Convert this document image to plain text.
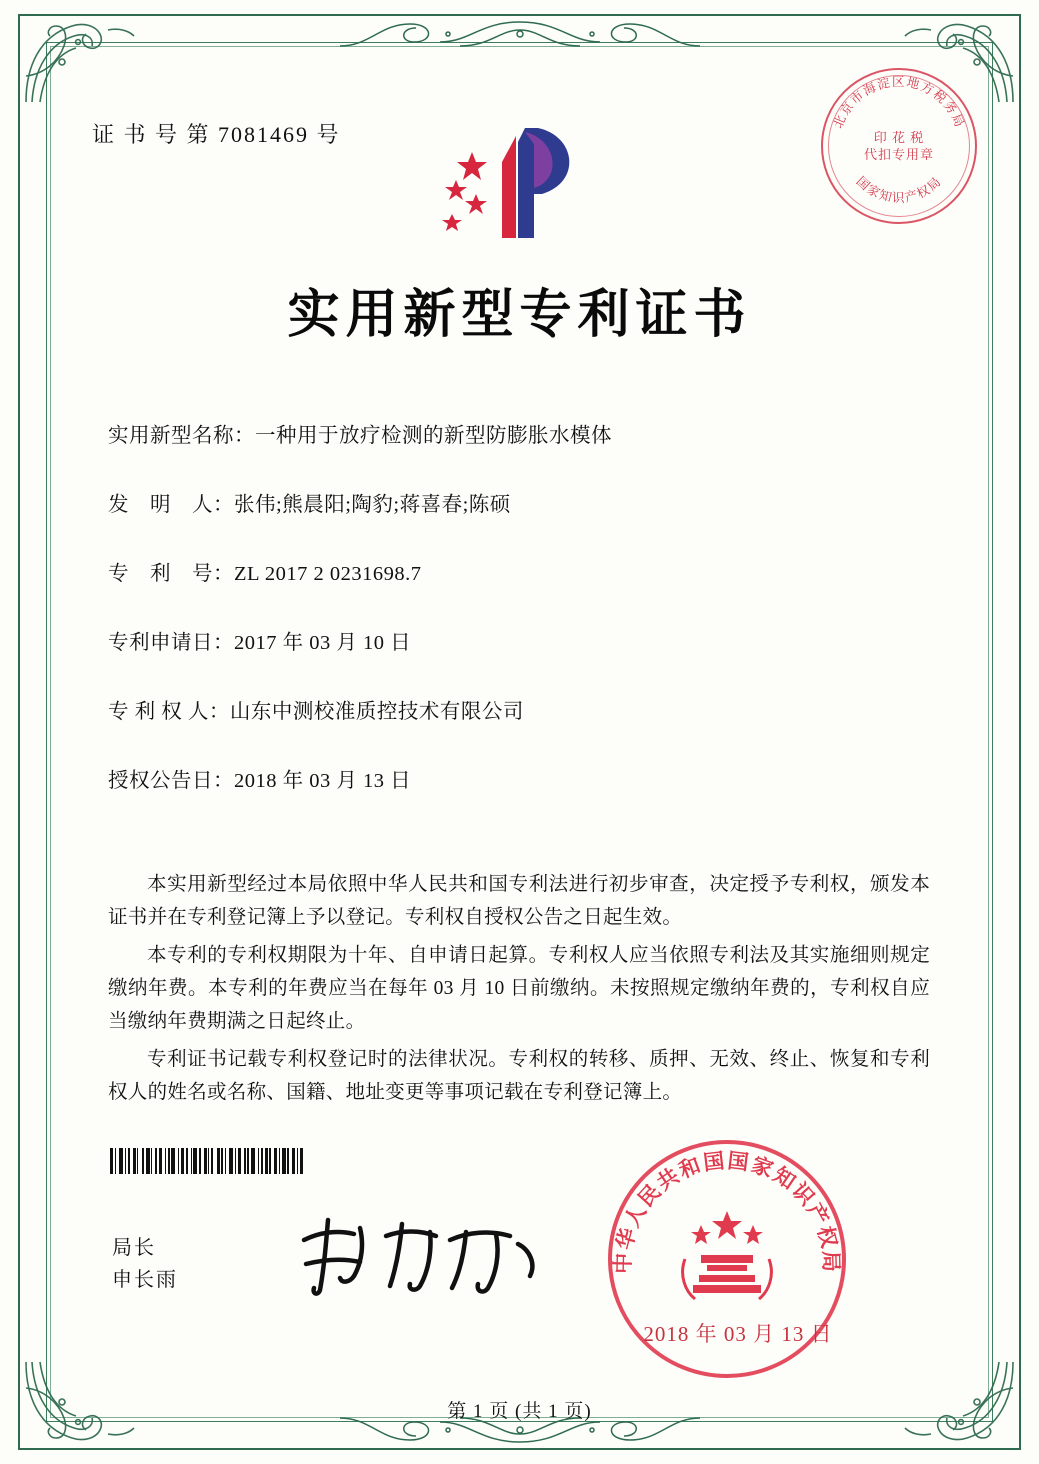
证 书 号 第 7081469 号
北京市海淀区地方税务局
国家知识产权局
印 花 税
代扣专用章
实用新型专利证书
实用新型名称：一种用于放疗检测的新型防膨胀水模体
发　明　人：张伟;熊晨阳;陶豹;蒋喜春;陈硕
专　利　号：ZL 2017 2 0231698.7
专利申请日：2017 年 03 月 10 日
专 利 权 人：山东中测校准质控技术有限公司
授权公告日：2018 年 03 月 13 日

本实用新型经过本局依照中华人民共和国专利法进行初步审查，决定授予专利权，颁发本证书并在专利登记簿上予以登记。专利权自授权公告之日起生效。

本专利的专利权期限为十年、自申请日起算。专利权人应当依照专利法及其实施细则规定缴纳年费。本专利的年费应当在每年 03 月 10 日前缴纳。未按照规定缴纳年费的，专利权自应当缴纳年费期满之日起终止。

专利证书记载专利权登记时的法律状况。专利权的转移、质押、无效、终止、恢复和专利权人的姓名或名称、国籍、地址变更等事项记载在专利登记簿上。

局长
申长雨
中华人民共和国国家知识产权局
2018 年 03 月 13 日
第 1 页 (共 1 页)
